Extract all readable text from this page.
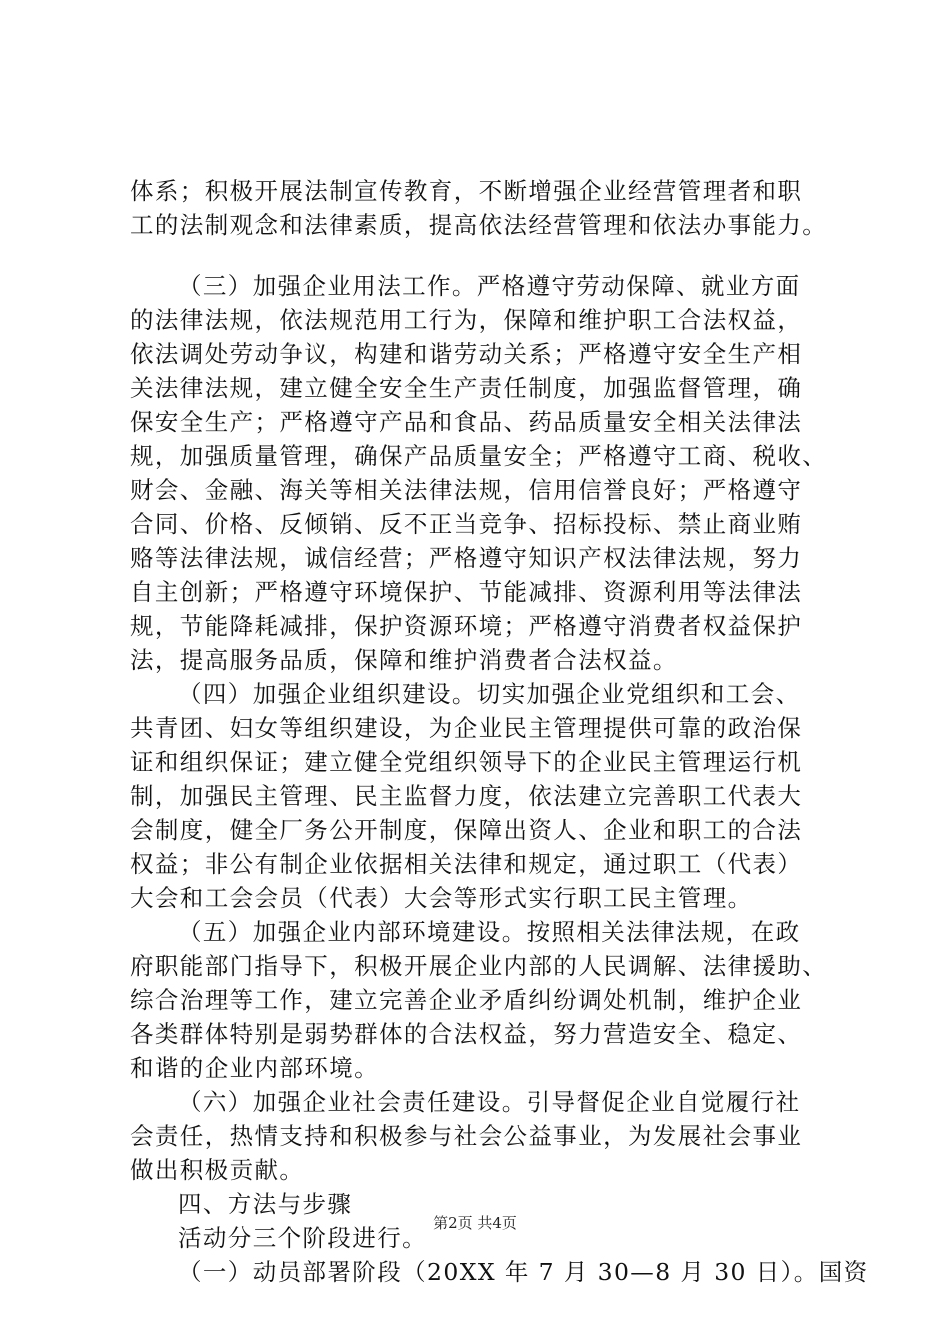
体系；积极开展法制宣传教育，不断增强企业经营管理者和职
工的法制观念和法律素质，提高依法经营管理和依法办事能力。
（三）加强企业用法工作。严格遵守劳动保障、就业方面
的法律法规，依法规范用工行为，保障和维护职工合法权益，
依法调处劳动争议，构建和谐劳动关系；严格遵守安全生产相
关法律法规，建立健全安全生产责任制度，加强监督管理，确
保安全生产；严格遵守产品和食品、药品质量安全相关法律法
规，加强质量管理，确保产品质量安全；严格遵守工商、税收、
财会、金融、海关等相关法律法规，信用信誉良好；严格遵守
合同、价格、反倾销、反不正当竞争、招标投标、禁止商业贿
赂等法律法规，诚信经营；严格遵守知识产权法律法规，努力
自主创新；严格遵守环境保护、节能减排、资源利用等法律法
规，节能降耗减排，保护资源环境；严格遵守消费者权益保护
法，提高服务品质，保障和维护消费者合法权益。
（四）加强企业组织建设。切实加强企业党组织和工会、
共青团、妇女等组织建设，为企业民主管理提供可靠的政治保
证和组织保证；建立健全党组织领导下的企业民主管理运行机
制，加强民主管理、民主监督力度，依法建立完善职工代表大
会制度，健全厂务公开制度，保障出资人、企业和职工的合法
权益；非公有制企业依据相关法律和规定，通过职工（代表）
大会和工会会员（代表）大会等形式实行职工民主管理。
（五）加强企业内部环境建设。按照相关法律法规，在政
府职能部门指导下，积极开展企业内部的人民调解、法律援助、
综合治理等工作，建立完善企业矛盾纠纷调处机制，维护企业
各类群体特别是弱势群体的合法权益，努力营造安全、稳定、
和谐的企业内部环境。
（六）加强企业社会责任建设。引导督促企业自觉履行社
会责任，热情支持和积极参与社会公益事业，为发展社会事业
做出积极贡献。
四、方法与步骤
活动分三个阶段进行。
（一）动员部署阶段（20XX 年 7 月 30—8 月 30 日）。国资
第2页 共4页
